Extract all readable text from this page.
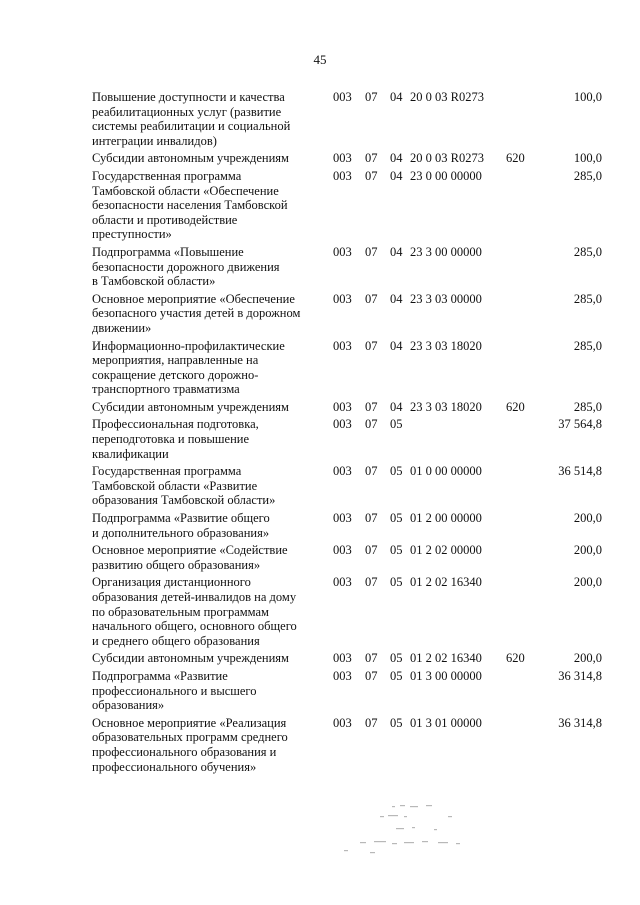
45
Повышение доступности и качества
реабилитационных услуг (развитие
системы реабилитации и социальной
интеграции инвалидов)
003 07 04 20 0 03 R0273	100,0
Субсидии автономным учреждениям	003 07 04 20 0 03 R0273 620	100,0
Государственная программа
Тамбовской области «Обеспечение
безопасности населения Тамбовской
области и противодействие
преступности»
003 07 04 23 0 00 00000	285,0
Подпрограмма «Повышение
безопасности дорожного движения
в Тамбовской области»
003 07 04 23 3 00 00000	285,0
Основное мероприятие «Обеспечение
безопасного участия детей в дорожном
движении»
003 07 04 23 3 03 00000	285,0
Информационно-профилактические
мероприятия, направленные на
сокращение детского дорожно-
транспортного травматизма
003 07 04 23 3 03 18020	285,0
Субсидии автономным учреждениям	003 07 04 23 3 03 18020 620	285,0
Профессиональная подготовка,
переподготовка и повышение
квалификации
003 07 05	37 564,8
Государственная программа
Тамбовской области «Развитие
образования Тамбовской области»
003 07 05 01 0 00 00000	36 514,8
Подпрограмма «Развитие общего
и дополнительного образования»
003 07 05 01 2 00 00000	200,0
Основное мероприятие «Содействие
развитию общего образования»
003 07 05 01 2 02 00000	200,0
Организация дистанционного
образования детей-инвалидов на дому
по образовательным программам
начального общего, основного общего
и среднего общего образования
003 07 05 01 2 02 16340	200,0
Субсидии автономным учреждениям	003 07 05 01 2 02 16340 620	200,0
Подпрограмма «Развитие
профессионального и высшего
образования»
003 07 05 01 3 00 00000	36 314,8
Основное мероприятие «Реализация
образовательных программ среднего
профессионального образования и
профессионального обучения»
003 07 05 01 3 01 00000	36 314,8
